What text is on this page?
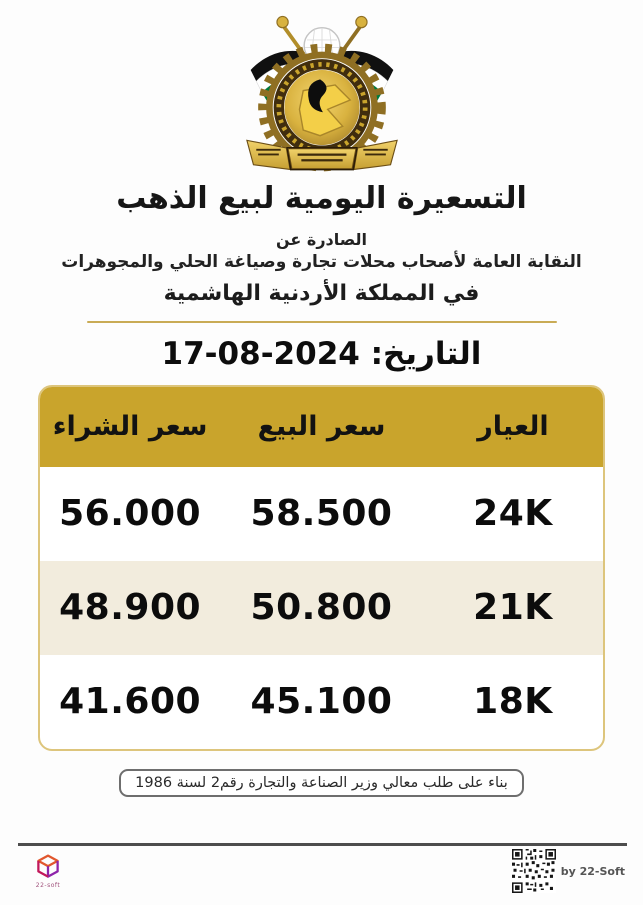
التسعيرة اليومية لبيع الذهب
الصادرة عن
النقابة العامة لأصحاب محلات تجارة وصياغة الحلي والمجوهرات
في المملكة الأردنية الهاشمية
التاريخ: 17-08-2024
العيار	سعر البيع	سعر الشراء
24K	58.500	56.000
21K	50.800	48.900
18K	45.100	41.600
بناء على طلب معالي وزير الصناعة والتجارة رقم2 لسنة 1986
22-soft
by 22-Soft
